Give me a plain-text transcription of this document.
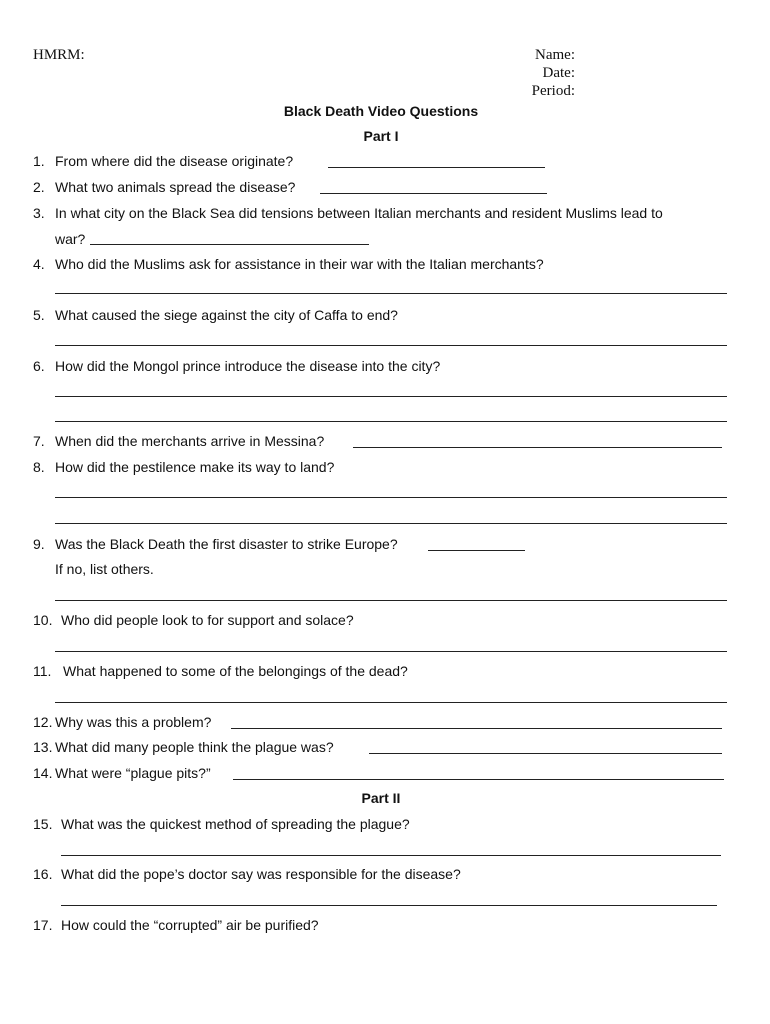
HMRM:	Name:
Date:
Period:
Black Death Video Questions
Part I
1. From where did the disease originate?
2. What two animals spread the disease?
3. In what city on the Black Sea did tensions between Italian merchants and resident Muslims lead to
war?
4. Who did the Muslims ask for assistance in their war with the Italian merchants?
5. What caused the siege against the city of Caffa to end?
6. How did the Mongol prince introduce the disease into the city?
7. When did the merchants arrive in Messina?
8. How did the pestilence make its way to land?
9. Was the Black Death the first disaster to strike Europe?
If no, list others.
10. Who did people look to for support and solace?
11. What happened to some of the belongings of the dead?
12. Why was this a problem?
13. What did many people think the plague was?
14. What were “plague pits?”
Part II
15. What was the quickest method of spreading the plague?
16. What did the pope’s doctor say was responsible for the disease?
17. How could the “corrupted” air be purified?
